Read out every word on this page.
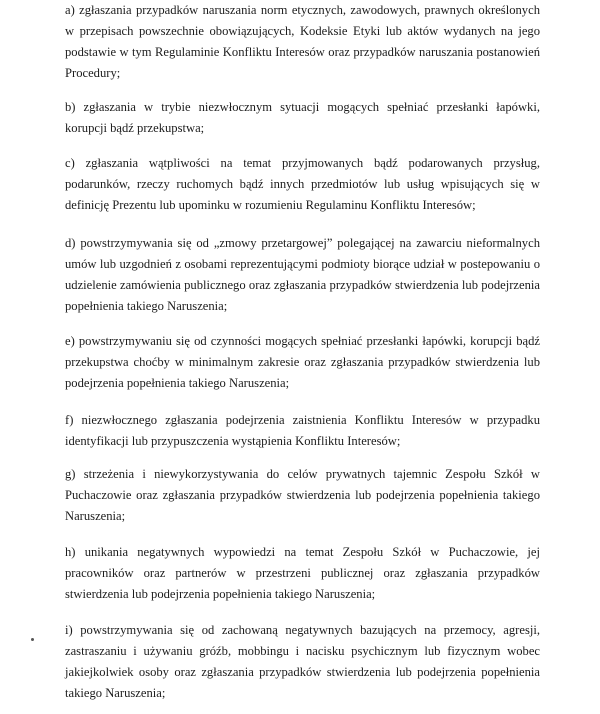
a) zgłaszania przypadków naruszania norm etycznych, zawodowych, prawnych określonych w przepisach powszechnie obowiązujących, Kodeksie Etyki lub aktów wydanych na jego podstawie w tym Regulaminie Konfliktu Interesów oraz przypadków naruszania postanowień Procedury;

b) zgłaszania w trybie niezwłocznym sytuacji mogących spełniać przesłanki łapówki, korupcji bądź przekupstwa;

c) zgłaszania wątpliwości na temat przyjmowanych bądź podarowanych przysług, podarunków, rzeczy ruchomych bądź innych przedmiotów lub usług wpisujących się w definicję Prezentu lub upominku w rozumieniu Regulaminu Konfliktu Interesów;

d) powstrzymywania się od „zmowy przetargowej” polegającej na zawarciu nieformalnych umów lub uzgodnień z osobami reprezentującymi podmioty biorące udział w postepowaniu o udzielenie zamówienia publicznego oraz zgłaszania przypadków stwierdzenia lub podejrzenia popełnienia takiego Naruszenia;

e) powstrzymywaniu się od czynności mogących spełniać przesłanki łapówki, korupcji bądź przekupstwa choćby w minimalnym zakresie oraz zgłaszania przypadków stwierdzenia lub podejrzenia popełnienia takiego Naruszenia;

f) niezwłocznego zgłaszania podejrzenia zaistnienia Konfliktu Interesów w przypadku identyfikacji lub przypuszczenia wystąpienia Konfliktu Interesów;

g) strzeżenia i niewykorzystywania do celów prywatnych tajemnic Zespołu Szkół w Puchaczowie oraz zgłaszania przypadków stwierdzenia lub podejrzenia popełnienia takiego Naruszenia;

h) unikania negatywnych wypowiedzi na temat Zespołu Szkół w Puchaczowie, jej pracowników oraz partnerów w przestrzeni publicznej oraz zgłaszania przypadków stwierdzenia lub podejrzenia popełnienia takiego Naruszenia;

i) powstrzymywania się od zachowaną negatywnych bazujących na przemocy, agresji, zastraszaniu i używaniu gróźb, mobbingu i nacisku psychicznym lub fizycznym wobec jakiejkolwiek osoby oraz zgłaszania przypadków stwierdzenia lub podejrzenia popełnienia takiego Naruszenia;
